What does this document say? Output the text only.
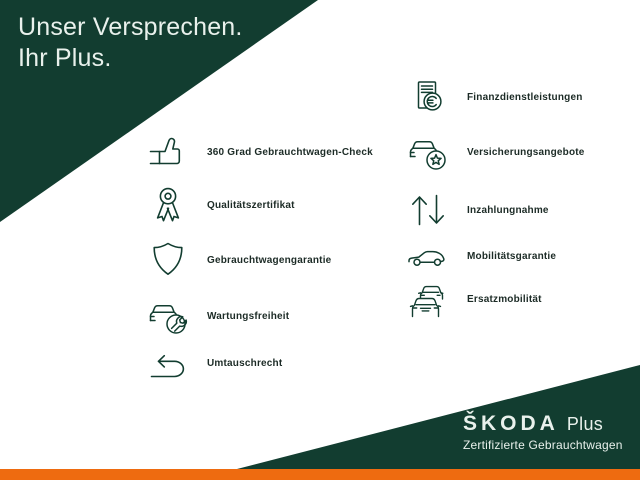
Unser Versprechen.
Ihr Plus.
360 Grad Gebrauchtwagen-Check
Qualitätszertifikat
Gebrauchtwagengarantie
Wartungsfreiheit
Umtauschrecht
Finanzdienstleistungen
Versicherungsangebote
Inzahlungnahme
Mobilitätsgarantie
Ersatzmobilität
ŠKODA Plus
Zertifizierte Gebrauchtwagen
